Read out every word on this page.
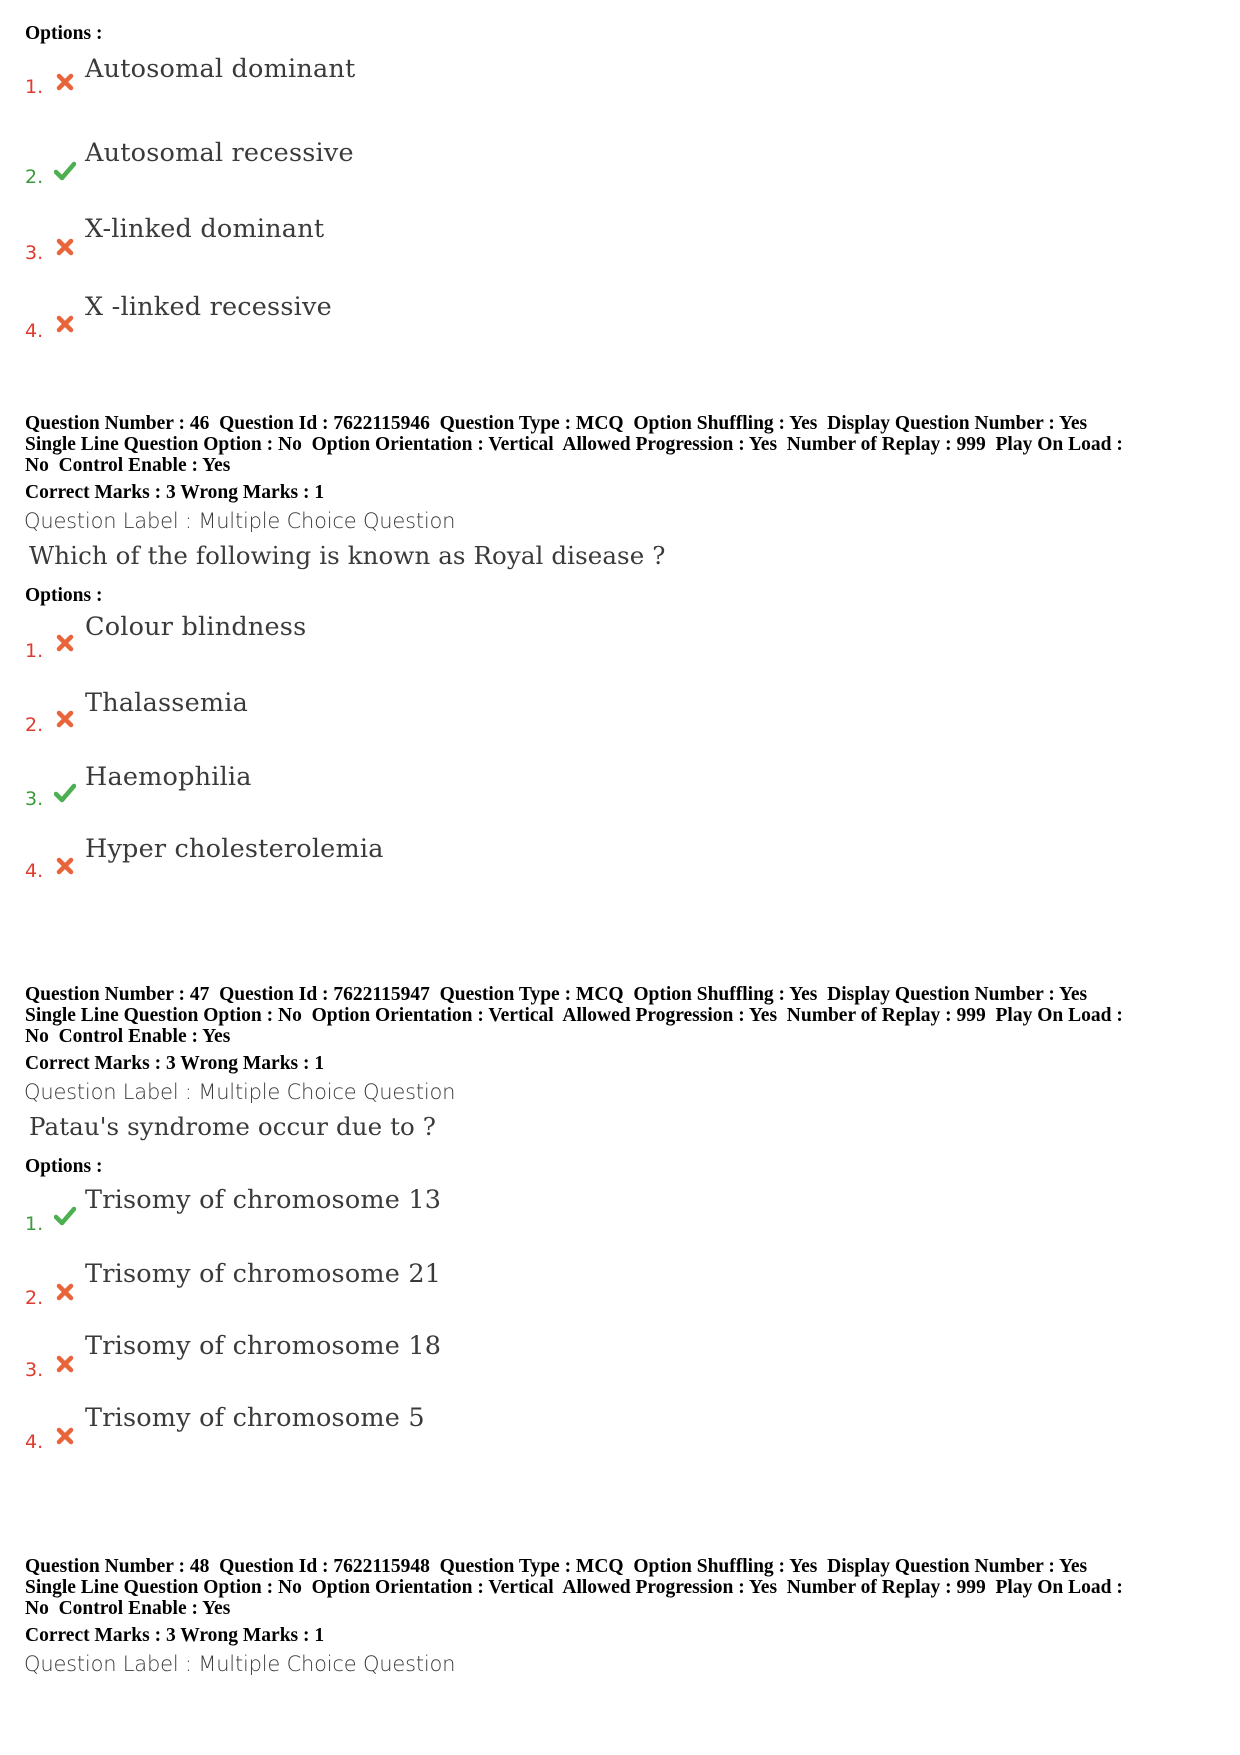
Options :

1.
Autosomal dominant
2.
Autosomal recessive
3.
X-linked dominant
4.
X -linked recessive

Question Number : 46  Question Id : 7622115946  Question Type : MCQ  Option Shuffling : Yes  Display Question Number : Yes
Single Line Question Option : No  Option Orientation : Vertical  Allowed Progression : Yes  Number of Replay : 999  Play On Load :
No  Control Enable : Yes

Correct Marks : 3 Wrong Marks : 1

Question Label : Multiple Choice Question
Which of the following is known as Royal disease ?

Options :

1.
Colour blindness
2.
Thalassemia
3.
Haemophilia
4.
Hyper cholesterolemia

Question Number : 47  Question Id : 7622115947  Question Type : MCQ  Option Shuffling : Yes  Display Question Number : Yes
Single Line Question Option : No  Option Orientation : Vertical  Allowed Progression : Yes  Number of Replay : 999  Play On Load :
No  Control Enable : Yes

Correct Marks : 3 Wrong Marks : 1

Question Label : Multiple Choice Question
Patau's syndrome occur due to ?

Options :

1.
Trisomy of chromosome 13
2.
Trisomy of chromosome 21
3.
Trisomy of chromosome 18
4.
Trisomy of chromosome 5

Question Number : 48  Question Id : 7622115948  Question Type : MCQ  Option Shuffling : Yes  Display Question Number : Yes
Single Line Question Option : No  Option Orientation : Vertical  Allowed Progression : Yes  Number of Replay : 999  Play On Load :
No  Control Enable : Yes

Correct Marks : 3 Wrong Marks : 1

Question Label : Multiple Choice Question
